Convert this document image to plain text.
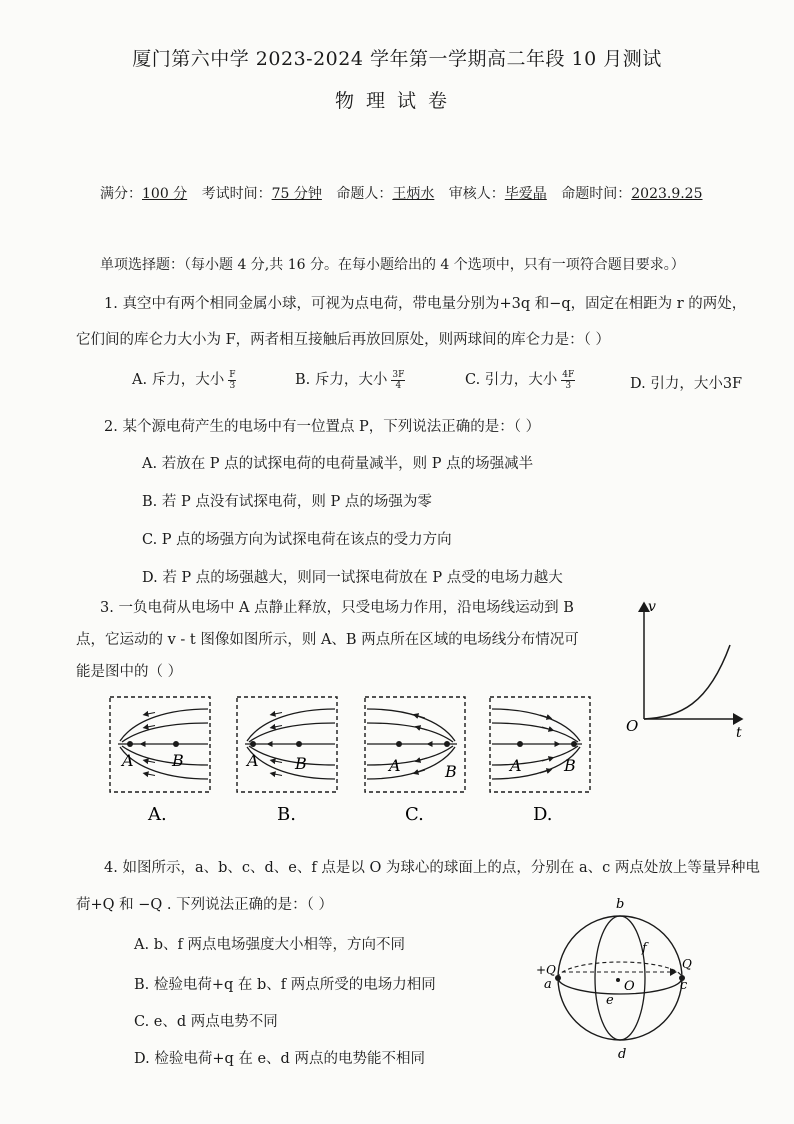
厦门第六中学 2023-2024 学年第一学期高二年段 10 月测试
物理试卷
满分：100 分 考试时间：75 分钟 命题人：王炳水 审核人：毕爱晶 命题时间：2023.9.25
单项选择题：（每小题 4 分,共 16 分。在每小题给出的 4 个选项中，只有一项符合题目要求。）
1. 真空中有两个相同金属小球，可视为点电荷，带电量分别为+3q 和−q，固定在相距为 r 的两处，
它们间的库仑力大小为 F，两者相互接触后再放回原处，则两球间的库仑力是：（ ）
A. 斥力，大小 $\frac{F}{3}$	B. 斥力，大小 $\frac{3F}{4}$	C. 引力，大小 $\frac{4F}{3}$	D. 引力，大小3F
2. 某个源电荷产生的电场中有一位置点 P，下列说法正确的是：（ ）
A. 若放在 P 点的试探电荷的电荷量减半，则 P 点的场强减半
B. 若 P 点没有试探电荷，则 P 点的场强为零
C. P 点的场强方向为试探电荷在该点的受力方向
D. 若 P 点的场强越大，则同一试探电荷放在 P 点受的电场力越大
3. 一负电荷从电场中 A 点静止释放，只受电场力作用，沿电场线运动到 B
点，它运动的 v - t 图像如图所示，则 A、B 两点所在区域的电场线分布情况可
能是图中的（ ）
v
t
O
A B
A.
A B
B.
A	B
C.
A	B
D.
4. 如图所示，a、b、c、d、e、f 点是以 O 为球心的球面上的点，分别在 a、c 两点处放上等量异种电
荷+Q 和 −Q . 下列说法正确的是：（ ）
A. b、f 两点电场强度大小相等，方向不同
B. 检验电荷+q 在 b、f 两点所受的电场力相同
C. e、d 两点电势不同
D. 检验电荷+q 在 e、d 两点的电势能不相同
+Q
a
b
Q
c
d
e
f
O
